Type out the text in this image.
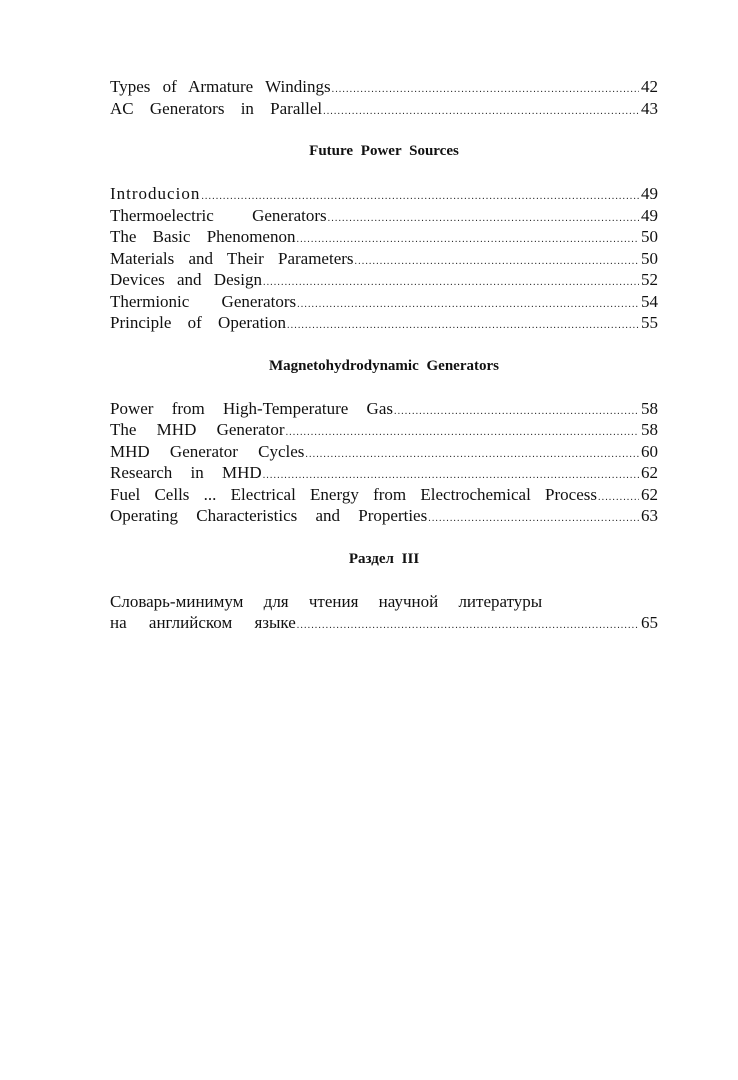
Types of Armature Windings .....	42
AC Generators in Parallel .....	43
Future Power Sources
Introducion .....	49
Thermoelectric Generators .....	49
The Basic Phenomenon .....	50
Materials and Their Parameters .....	50
Devices and Design .....	52
Thermionic Generators .....	54
Principle of Operation .....	55
Magnetohydrodynamic Generators
Power from High-Temperature Gas .....	58
The MHD Generator .....	58
MHD Generator Cycles .....	60
Research in MHD .....	62
Fuel Cells ... Electrical Energy from Electrochemical Process .....	62
Operating Characteristics and Properties .....	63
Раздел III
Словарь-минимум для чтения научной литературы
на английском языке .....	65
